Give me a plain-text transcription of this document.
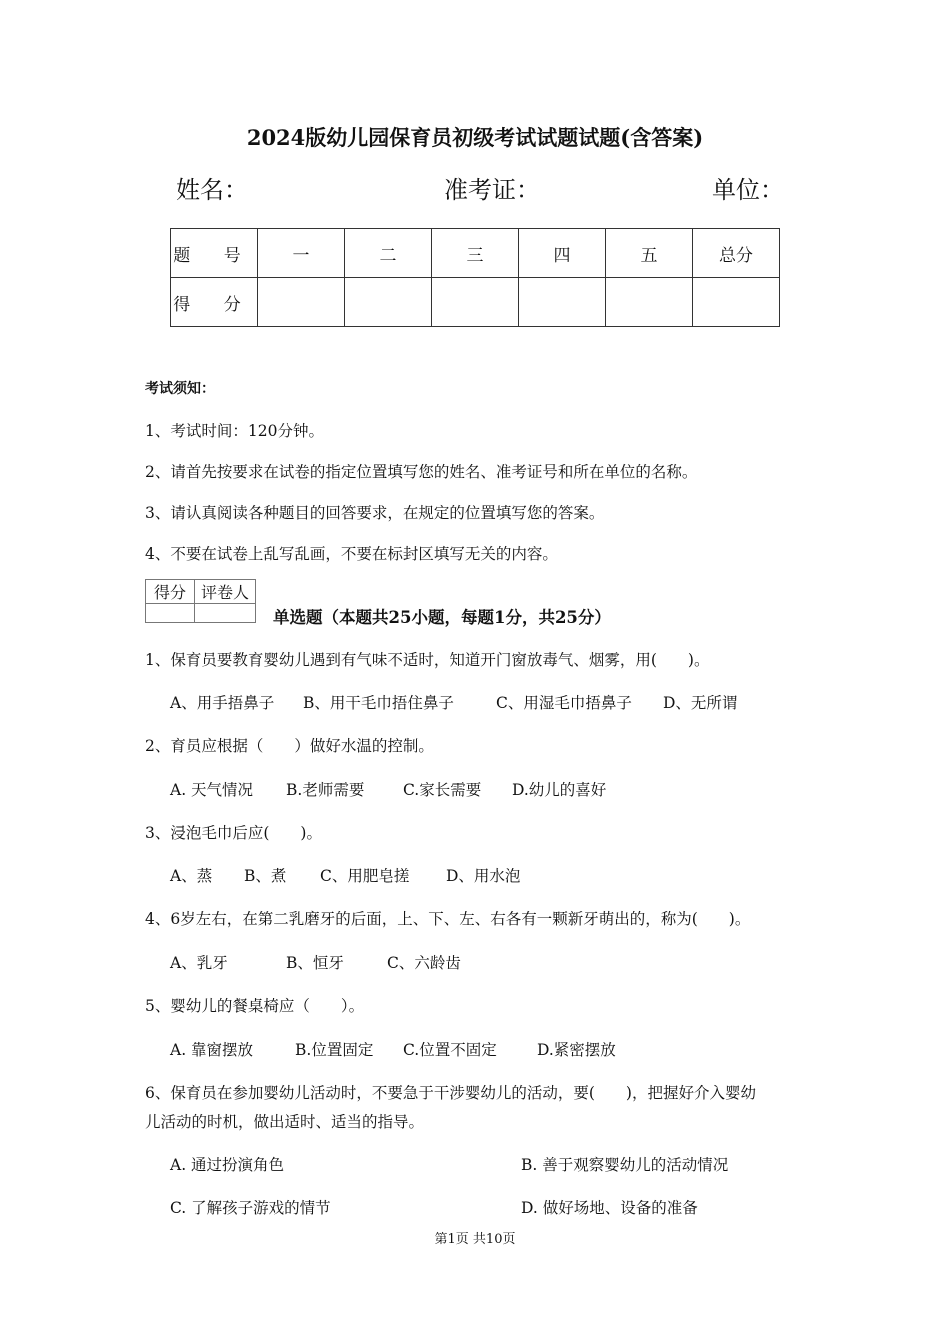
2024版幼儿园保育员初级考试试题试题(含答案)
姓名：	准考证：	单位：
题 号	一	二	三	四	五	总分
得 分						
考试须知：
1、考试时间：120分钟。
2、请首先按要求在试卷的指定位置填写您的姓名、准考证号和所在单位的名称。
3、请认真阅读各种题目的回答要求，在规定的位置填写您的答案。
4、不要在试卷上乱写乱画，不要在标封区填写无关的内容。
得分	评卷人

单选题（本题共25小题，每题1分，共25分）
1、保育员要教育婴幼儿遇到有气味不适时，知道开门窗放毒气、烟雾，用(　　)。
A、用手捂鼻子 B、用干毛巾捂住鼻子	C、用湿毛巾捂鼻子 D、无所谓
2、育员应根据（　　）做好水温的控制。
A. 天气情况 B.老师需要 C.家长需要 D.幼儿的喜好
3、浸泡毛巾后应(　　)。
A、蒸 B、煮 C、用肥皂搓 D、用水泡
4、6岁左右，在第二乳磨牙的后面，上、下、左、右各有一颗新牙萌出的，称为(　　)。
A、乳牙	B、恒牙	C、六龄齿
5、婴幼儿的餐桌椅应（　　）。
A. 靠窗摆放	B.位置固定 C.位置不固定	D.紧密摆放
6、保育员在参加婴幼儿活动时，不要急于干涉婴幼儿的活动，要(　　)，把握好介入婴幼
儿活动的时机，做出适时、适当的指导。
A. 通过扮演角色	B. 善于观察婴幼儿的活动情况
C. 了解孩子游戏的情节	D. 做好场地、设备的准备
第1页 共10页
